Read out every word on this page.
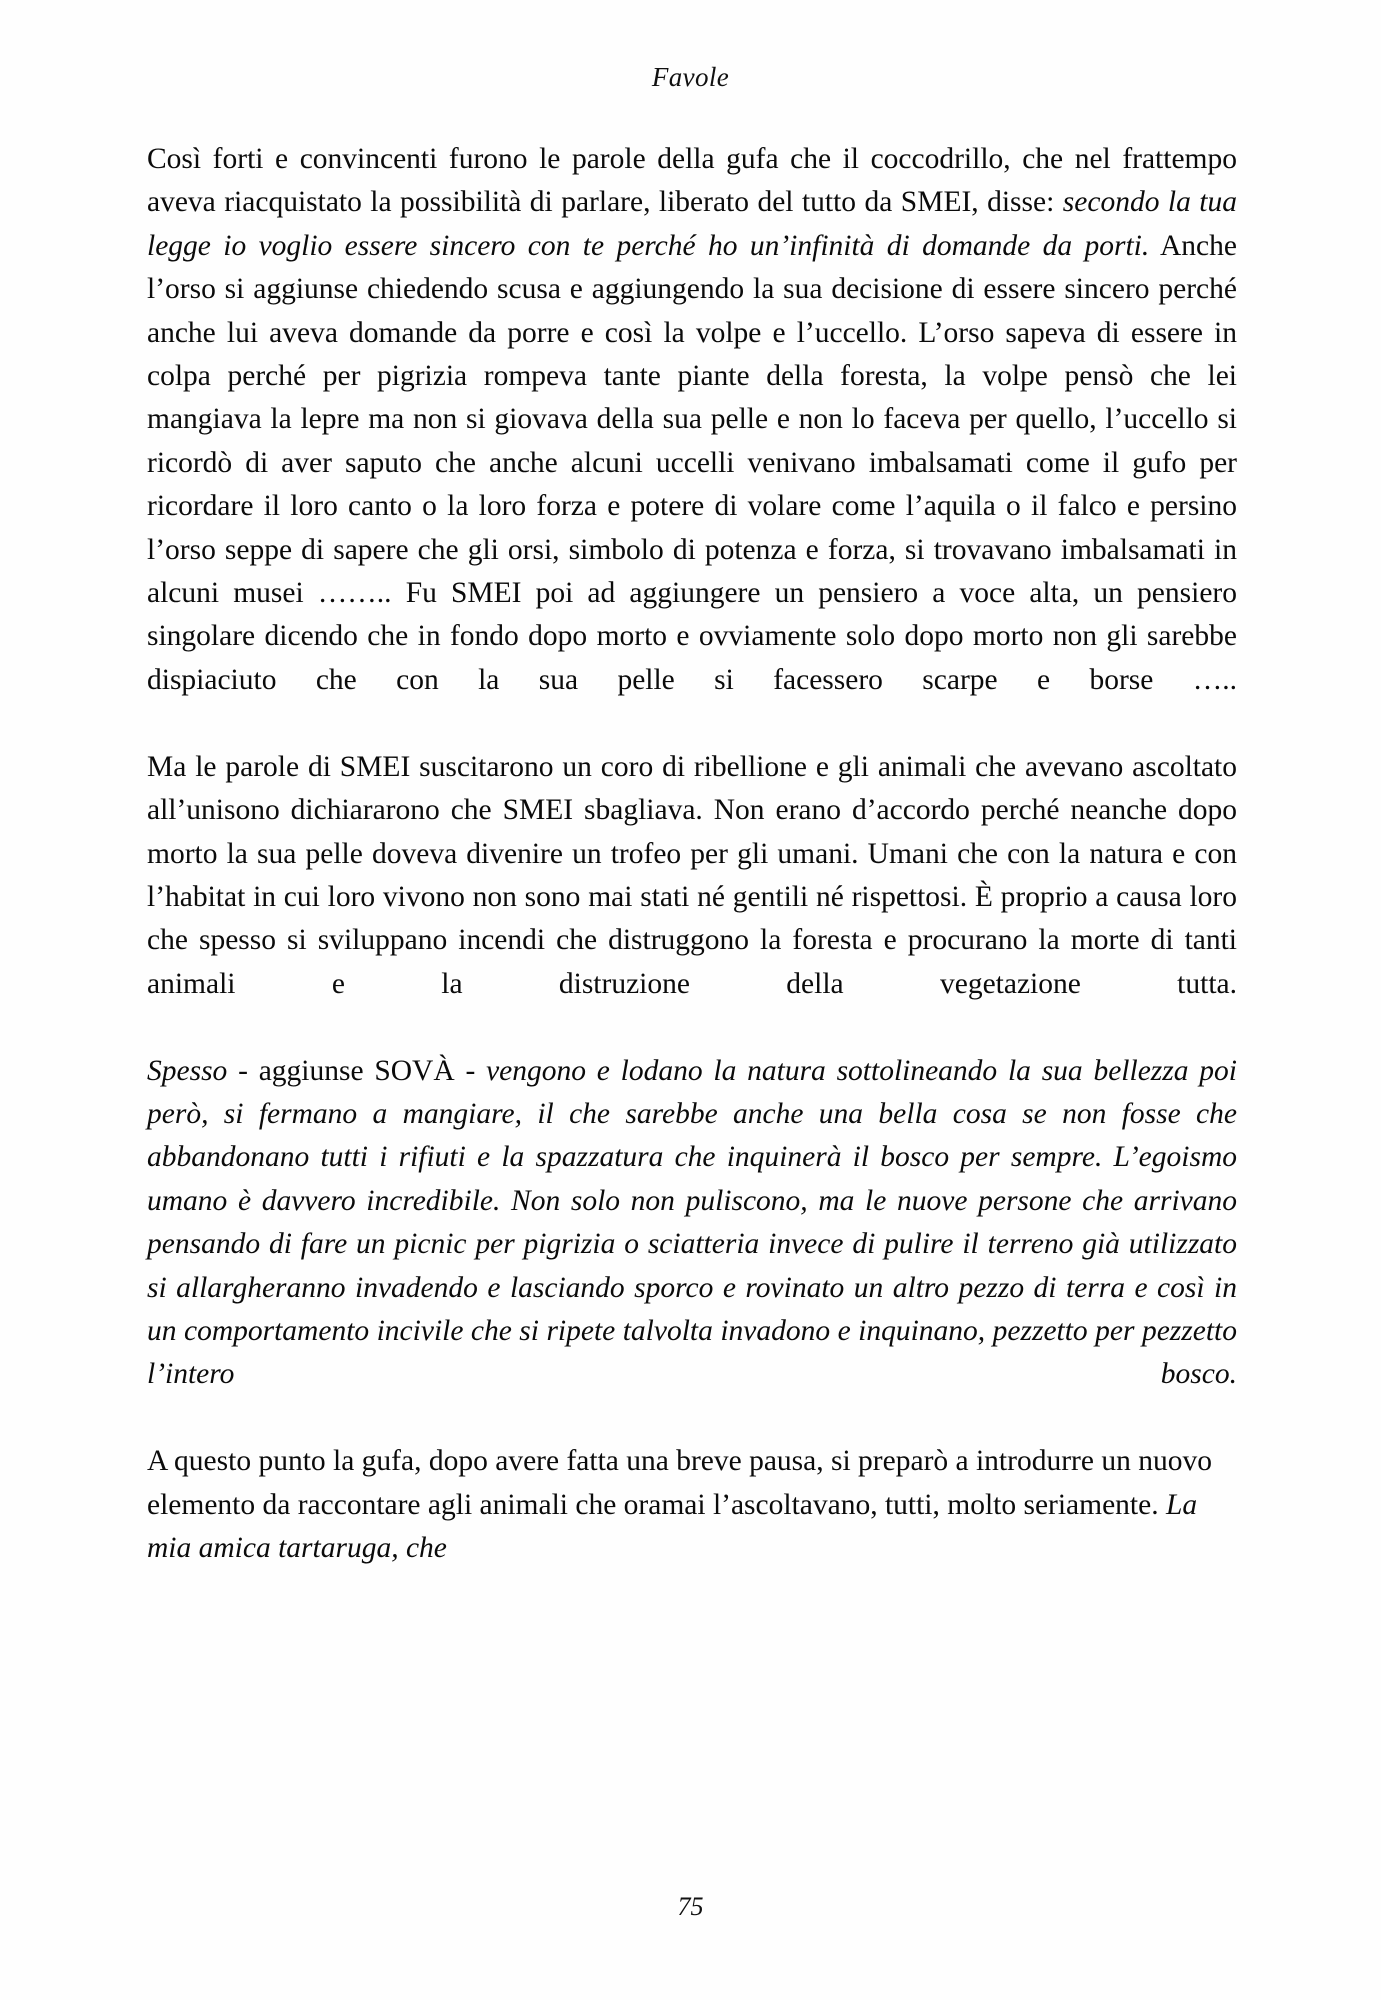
Favole

Così forti e convincenti furono le parole della gufa che il coccodrillo, che nel frattempo aveva riacquistato la possibilità di parlare, liberato del tutto da SMEI, disse: secondo la tua legge io voglio essere sincero con te perché ho un’infinità di domande da porti. Anche l’orso si aggiunse chiedendo scusa e aggiungendo la sua decisione di essere sincero perché anche lui aveva domande da porre e così la volpe e l’uccello. L’orso sapeva di essere in colpa perché per pigrizia rompeva tante piante della foresta, la volpe pensò che lei mangiava la lepre ma non si giovava della sua pelle e non lo faceva per quello, l’uccello si ricordò di aver saputo che anche alcuni uccelli venivano imbalsamati come il gufo per ricordare il loro canto o la loro forza e potere di volare come l’aquila o il falco e persino l’orso seppe di sapere che gli orsi, simbolo di potenza e forza, si trovavano imbalsamati in alcuni musei …….. Fu SMEI poi ad aggiungere un pensiero a voce alta, un pensiero singolare dicendo che in fondo dopo morto e ovviamente solo dopo morto non gli sarebbe dispiaciuto che con la sua pelle si facessero scarpe e borse …..

Ma le parole di SMEI suscitarono un coro di ribellione e gli animali che avevano ascoltato all’unisono dichiararono che SMEI sbagliava. Non erano d’accordo perché neanche dopo morto la sua pelle doveva divenire un trofeo per gli umani. Umani che con la natura e con l’habitat in cui loro vivono non sono mai stati né gentili né rispettosi. È proprio a causa loro che spesso si sviluppano incendi che distruggono la foresta e procurano la morte di tanti animali e la distruzione della vegetazione tutta.

Spesso - aggiunse SOVÀ - vengono e lodano la natura sottolineando la sua bellezza poi però, si fermano a mangiare, il che sarebbe anche una bella cosa se non fosse che abbandonano tutti i rifiuti e la spazzatura che inquinerà il bosco per sempre. L’egoismo umano è davvero incredibile. Non solo non puliscono, ma le nuove persone che arrivano pensando di fare un picnic per pigrizia o sciatteria invece di pulire il terreno già utilizzato si allargheranno invadendo e lasciando sporco e rovinato un altro pezzo di terra e così in un comportamento incivile che si ripete talvolta invadono e inquinano, pezzetto per pezzetto l’intero bosco.

A questo punto la gufa, dopo avere fatta una breve pausa, si preparò a introdurre un nuovo elemento da raccontare agli animali che oramai l’ascoltavano, tutti, molto seriamente. La mia amica tartaruga, che

75
